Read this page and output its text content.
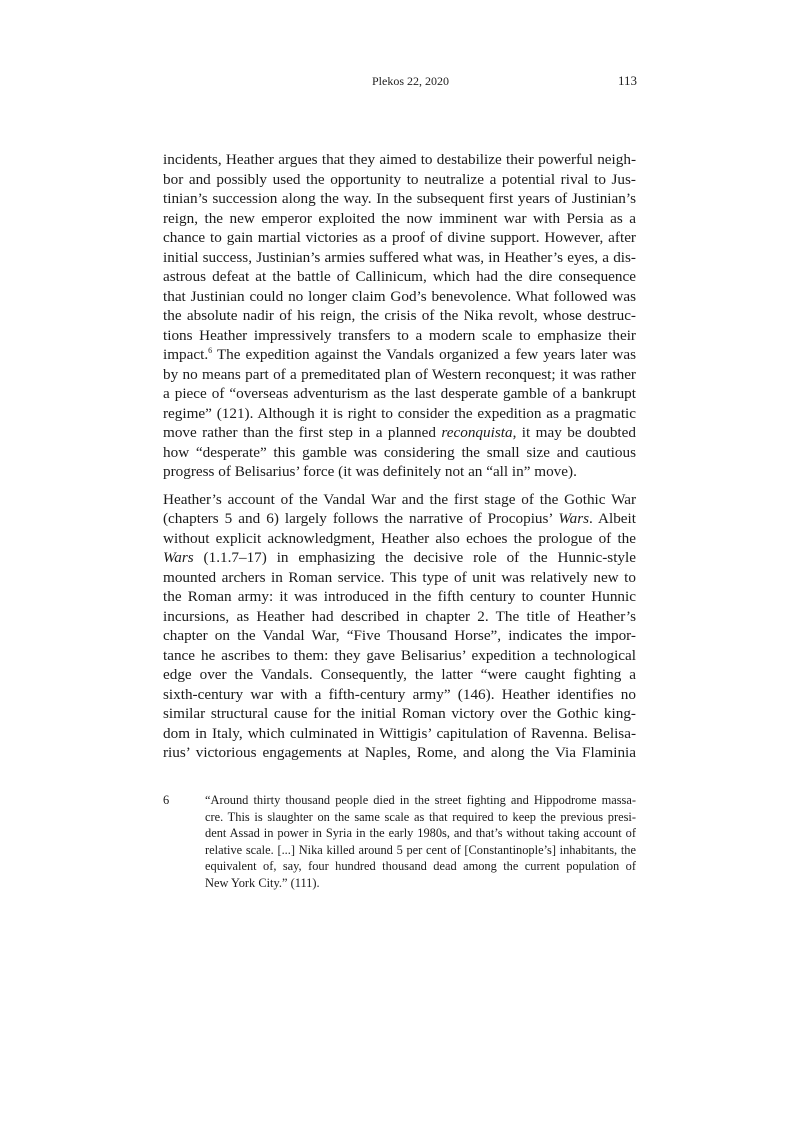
Plekos 22, 2020	113
incidents, Heather argues that they aimed to destabilize their powerful neigh-
bor and possibly used the opportunity to neutralize a potential rival to Jus-
tinian’s succession along the way. In the subsequent first years of Justinian’s
reign, the new emperor exploited the now imminent war with Persia as a
chance to gain martial victories as a proof of divine support. However, after
initial success, Justinian’s armies suffered what was, in Heather’s eyes, a dis-
astrous defeat at the battle of Callinicum, which had the dire consequence
that Justinian could no longer claim God’s benevolence. What followed was
the absolute nadir of his reign, the crisis of the Nika revolt, whose destruc-
tions Heather impressively transfers to a modern scale to emphasize their
impact.$^6$ The expedition against the Vandals organized a few years later was
by no means part of a premeditated plan of Western reconquest; it was rather
a piece of “overseas adventurism as the last desperate gamble of a bankrupt
regime” (121). Although it is right to consider the expedition as a pragmatic
move rather than the first step in a planned reconquista, it may be doubted
how “desperate” this gamble was considering the small size and cautious
progress of Belisarius’ force (it was definitely not an “all in” move).
Heather’s account of the Vandal War and the first stage of the Gothic War
(chapters 5 and 6) largely follows the narrative of Procopius’ Wars. Albeit
without explicit acknowledgment, Heather also echoes the prologue of the
Wars (1.1.7–17) in emphasizing the decisive role of the Hunnic-style
mounted archers in Roman service. This type of unit was relatively new to
the Roman army: it was introduced in the fifth century to counter Hunnic
incursions, as Heather had described in chapter 2. The title of Heather’s
chapter on the Vandal War, “Five Thousand Horse”, indicates the impor-
tance he ascribes to them: they gave Belisarius’ expedition a technological
edge over the Vandals. Consequently, the latter “were caught fighting a
sixth-century war with a fifth-century army” (146). Heather identifies no
similar structural cause for the initial Roman victory over the Gothic king-
dom in Italy, which culminated in Wittigis’ capitulation of Ravenna. Belisa-
rius’ victorious engagements at Naples, Rome, and along the Via Flaminia
6	“Around thirty thousand people died in the street fighting and Hippodrome massa-
cre. This is slaughter on the same scale as that required to keep the previous presi-
dent Assad in power in Syria in the early 1980s, and that’s without taking account of
relative scale. [...] Nika killed around 5 per cent of [Constantinople’s] inhabitants, the
equivalent of, say, four hundred thousand dead among the current population of
New York City.” (111).
